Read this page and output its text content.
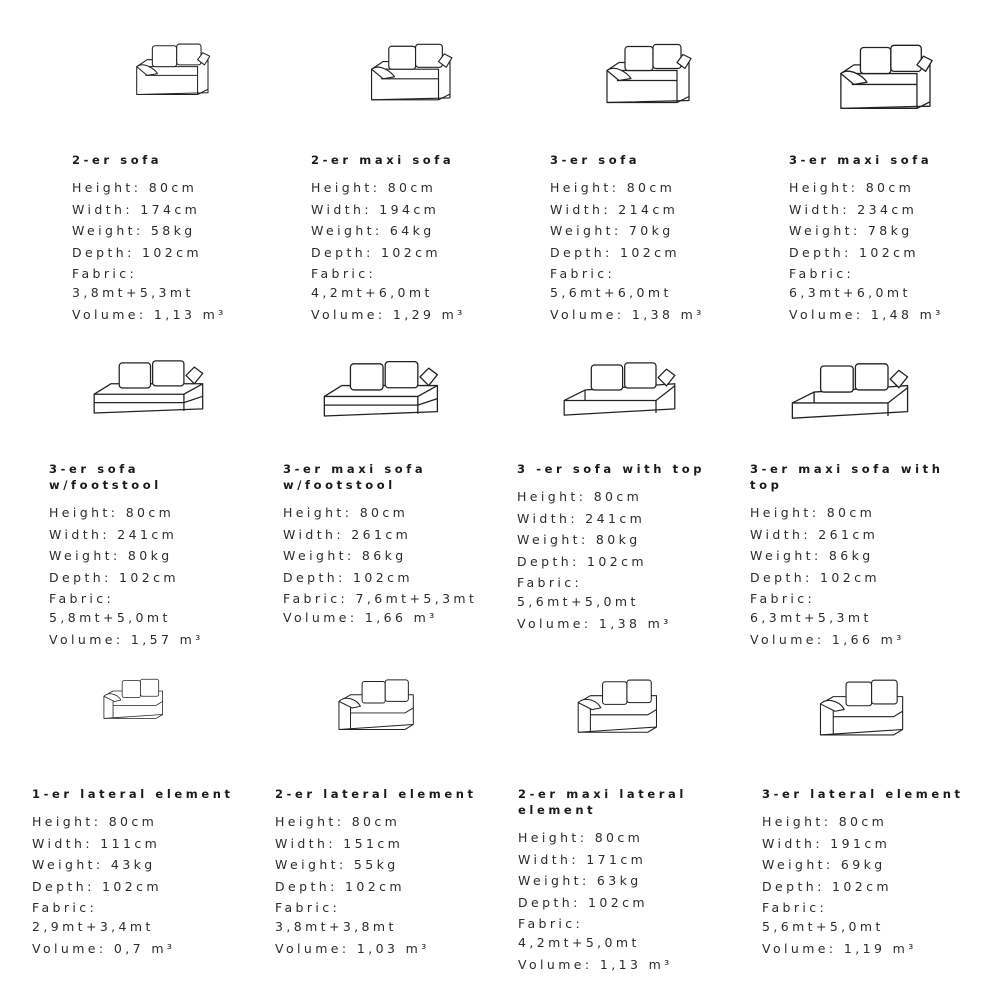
2-er sofa
Height: 80cm
Width: 174cm
Weight: 58kg
Depth: 102cm
Fabric:
3,8mt+5,3mt
Volume: 1,13 m³
2-er maxi sofa
Height: 80cm
Width: 194cm
Weight: 64kg
Depth: 102cm
Fabric:
4,2mt+6,0mt
Volume: 1,29 m³
3-er sofa
Height: 80cm
Width: 214cm
Weight: 70kg
Depth: 102cm
Fabric:
5,6mt+6,0mt
Volume: 1,38 m³
3-er maxi sofa
Height: 80cm
Width: 234cm
Weight: 78kg
Depth: 102cm
Fabric:
6,3mt+6,0mt
Volume: 1,48 m³
3-er sofa
w/footstool
Height: 80cm
Width: 241cm
Weight: 80kg
Depth: 102cm
Fabric:
5,8mt+5,0mt
Volume: 1,57 m³
3-er maxi sofa
w/footstool
Height: 80cm
Width: 261cm
Weight: 86kg
Depth: 102cm
Fabric: 7,6mt+5,3mt
Volume: 1,66 m³
3 -er sofa with top
Height: 80cm
Width: 241cm
Weight: 80kg
Depth: 102cm
Fabric:
5,6mt+5,0mt
Volume: 1,38 m³
3-er maxi sofa with
top
Height: 80cm
Width: 261cm
Weight: 86kg
Depth: 102cm
Fabric:
6,3mt+5,3mt
Volume: 1,66 m³
1-er lateral element
Height: 80cm
Width: 111cm
Weight: 43kg
Depth: 102cm
Fabric:
2,9mt+3,4mt
Volume: 0,7 m³
2-er lateral element
Height: 80cm
Width: 151cm
Weight: 55kg
Depth: 102cm
Fabric:
3,8mt+3,8mt
Volume: 1,03 m³
2-er maxi lateral
element
Height: 80cm
Width: 171cm
Weight: 63kg
Depth: 102cm
Fabric:
4,2mt+5,0mt
Volume: 1,13 m³
3-er lateral element
Height: 80cm
Width: 191cm
Weight: 69kg
Depth: 102cm
Fabric:
5,6mt+5,0mt
Volume: 1,19 m³
